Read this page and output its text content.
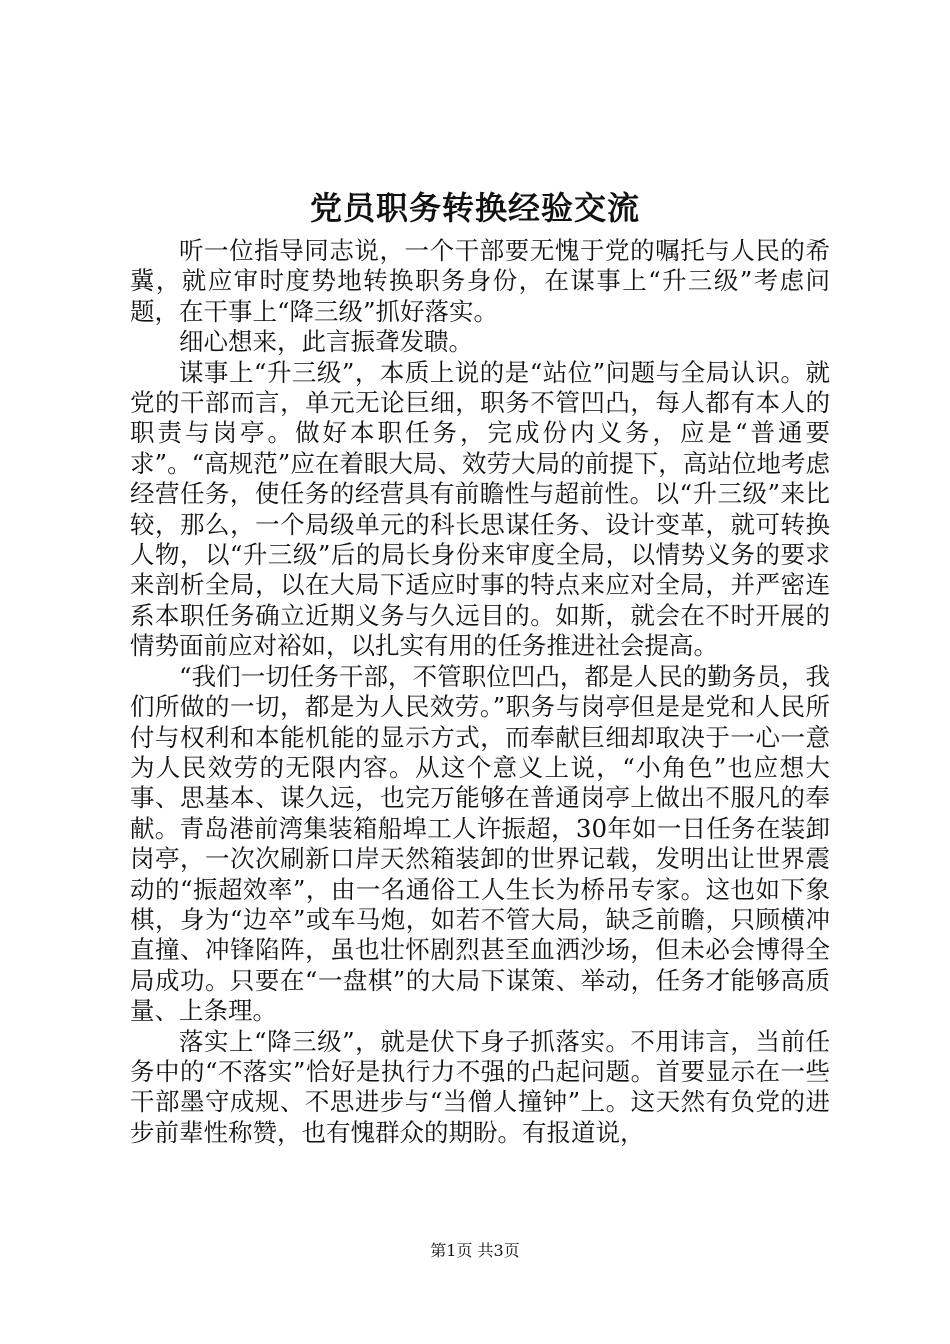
党员职务转换经验交流

听一位指导同志说，一个干部要无愧于党的嘱托与人民的希冀，就应审时度势地转换职务身份，在谋事上“升三级”考虑问题，在干事上“降三级”抓好落实。

细心想来，此言振聋发聩。

谋事上“升三级”，本质上说的是“站位”问题与全局认识。就党的干部而言，单元无论巨细，职务不管凹凸，每人都有本人的职责与岗亭。做好本职任务，完成份内义务，应是“普通要求”。“高规范”应在着眼大局、效劳大局的前提下，高站位地考虑经营任务，使任务的经营具有前瞻性与超前性。以“升三级”来比较，那么，一个局级单元的科长思谋任务、设计变革，就可转换人物，以“升三级”后的局长身份来审度全局，以情势义务的要求来剖析全局，以在大局下适应时事的特点来应对全局，并严密连系本职任务确立近期义务与久远目的。如斯，就会在不时开展的情势面前应对裕如，以扎实有用的任务推进社会提高。

“我们一切任务干部，不管职位凹凸，都是人民的勤务员，我们所做的一切，都是为人民效劳。”职务与岗亭但是是党和人民所付与权利和本能机能的显示方式，而奉献巨细却取决于一心一意为人民效劳的无限内容。从这个意义上说，“小角色”也应想大事、思基本、谋久远，也完万能够在普通岗亭上做出不服凡的奉献。青岛港前湾集装箱船埠工人许振超，30年如一日任务在装卸岗亭，一次次刷新口岸天然箱装卸的世界记载，发明出让世界震动的“振超效率”，由一名通俗工人生长为桥吊专家。这也如下象棋，身为“边卒”或车马炮，如若不管大局，缺乏前瞻，只顾横冲直撞、冲锋陷阵，虽也壮怀剧烈甚至血洒沙场，但未必会博得全局成功。只要在“一盘棋”的大局下谋策、举动，任务才能够高质量、上条理。

落实上“降三级”，就是伏下身子抓落实。不用讳言，当前任务中的“不落实”恰好是执行力不强的凸起问题。首要显示在一些干部墨守成规、不思进步与“当僧人撞钟”上。这天然有负党的进步前辈性称赞，也有愧群众的期盼。有报道说，

第1页 共3页
